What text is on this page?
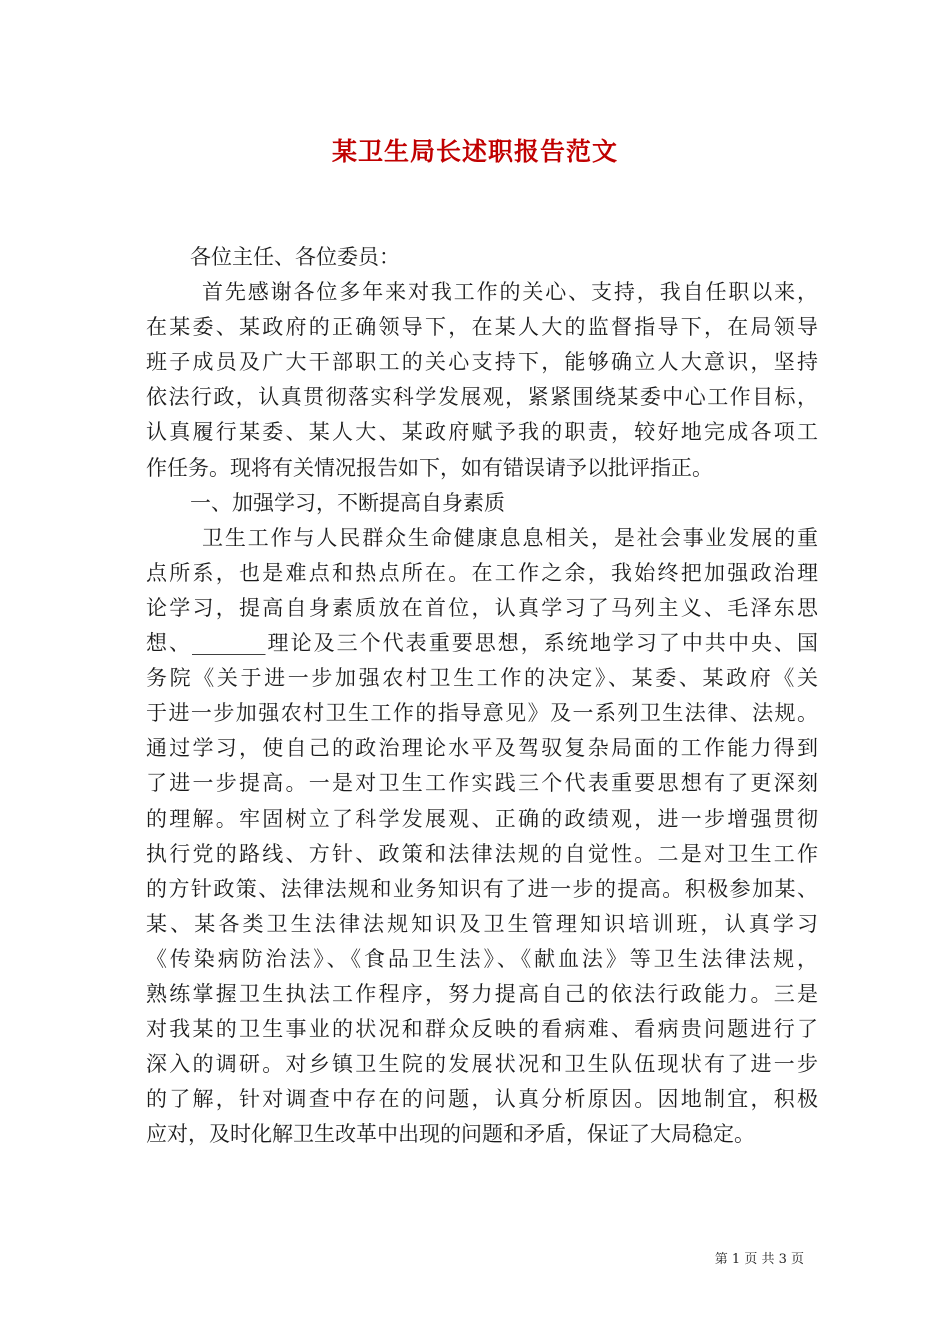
某卫生局长述职报告范文
各位主任、各位委员：
首先感谢各位多年来对我工作的关心、支持，我自任职以来，
在某委、某政府的正确领导下，在某人大的监督指导下，在局领导
班子成员及广大干部职工的关心支持下，能够确立人大意识，坚持
依法行政，认真贯彻落实科学发展观，紧紧围绕某委中心工作目标，
认真履行某委、某人大、某政府赋予我的职责，较好地完成各项工
作任务。现将有关情况报告如下，如有错误请予以批评指正。
一、加强学习，不断提高自身素质
卫生工作与人民群众生命健康息息相关，是社会事业发展的重
点所系，也是难点和热点所在。在工作之余，我始终把加强政治理
论学习，提高自身素质放在首位，认真学习了马列主义、毛泽东思
想、_______理论及三个代表重要思想，系统地学习了中共中央、国
务院《关于进一步加强农村卫生工作的决定》、某委、某政府《关
于进一步加强农村卫生工作的指导意见》及一系列卫生法律、法规。
通过学习，使自己的政治理论水平及驾驭复杂局面的工作能力得到
了进一步提高。一是对卫生工作实践三个代表重要思想有了更深刻
的理解。牢固树立了科学发展观、正确的政绩观，进一步增强贯彻
执行党的路线、方针、政策和法律法规的自觉性。二是对卫生工作
的方针政策、法律法规和业务知识有了进一步的提高。积极参加某、
某、某各类卫生法律法规知识及卫生管理知识培训班，认真学习
《传染病防治法》、《食品卫生法》、《献血法》等卫生法律法规，
熟练掌握卫生执法工作程序，努力提高自己的依法行政能力。三是
对我某的卫生事业的状况和群众反映的看病难、看病贵问题进行了
深入的调研。对乡镇卫生院的发展状况和卫生队伍现状有了进一步
的了解，针对调查中存在的问题，认真分析原因。因地制宜，积极
应对，及时化解卫生改革中出现的问题和矛盾，保证了大局稳定。
第 1 页 共 3 页
